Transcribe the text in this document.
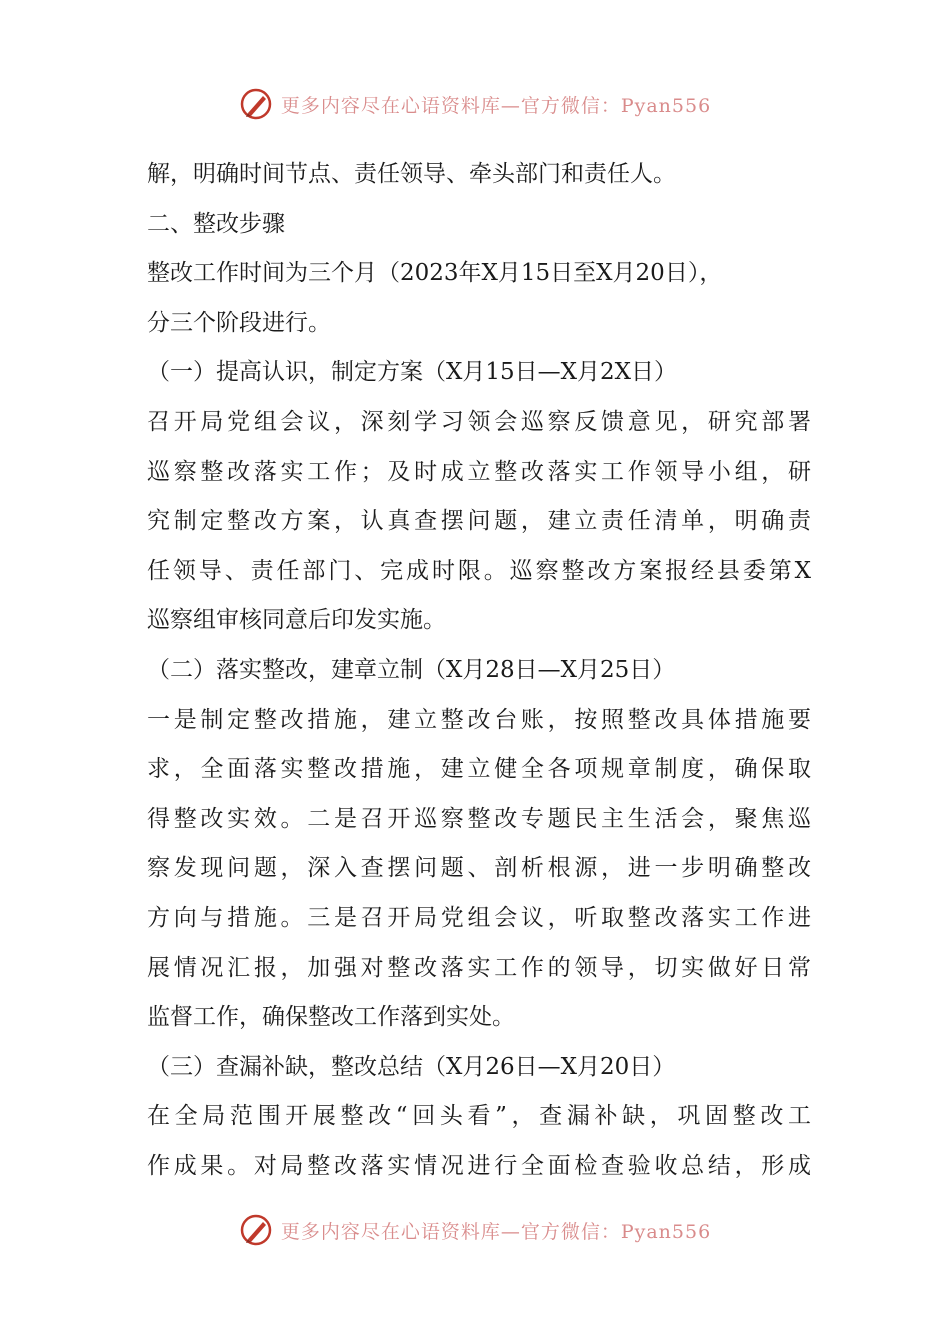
更多内容尽在心语资料库—官方微信：Pyan556
解，明确时间节点、责任领导、牵头部门和责任人。
二、整改步骤
整改工作时间为三个月（2023年X月15日至X月20日），
分三个阶段进行。
（一）提高认识，制定方案（X月15日—X月2X日）
召开局党组会议，深刻学习领会巡察反馈意见，研究部署
巡察整改落实工作；及时成立整改落实工作领导小组，研
究制定整改方案，认真查摆问题，建立责任清单，明确责
任领导、责任部门、完成时限。巡察整改方案报经县委第X
巡察组审核同意后印发实施。
（二）落实整改，建章立制（X月28日—X月25日）
一是制定整改措施，建立整改台账，按照整改具体措施要
求，全面落实整改措施，建立健全各项规章制度，确保取
得整改实效。二是召开巡察整改专题民主生活会，聚焦巡
察发现问题，深入查摆问题、剖析根源，进一步明确整改
方向与措施。三是召开局党组会议，听取整改落实工作进
展情况汇报，加强对整改落实工作的领导，切实做好日常
监督工作，确保整改工作落到实处。
（三）查漏补缺，整改总结（X月26日—X月20日）
在全局范围开展整改“回头看”，查漏补缺，巩固整改工
作成果。对局整改落实情况进行全面检查验收总结，形成
更多内容尽在心语资料库—官方微信：Pyan556
